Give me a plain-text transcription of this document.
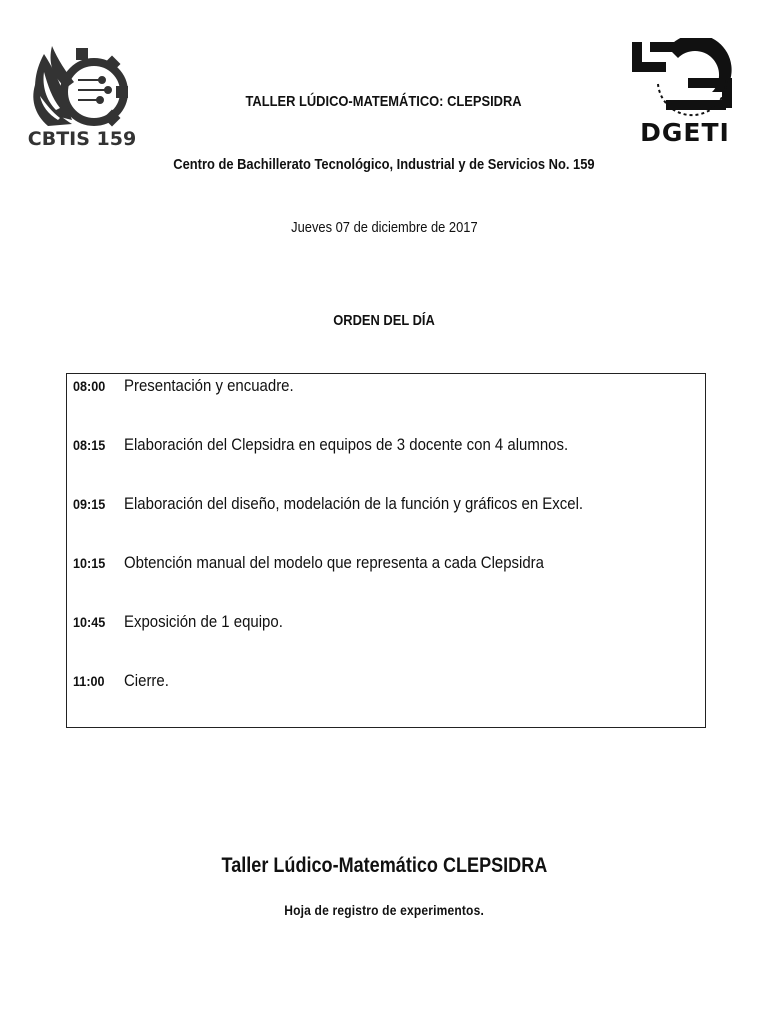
CBTIS 159	DGETI
TALLER LÚDICO-MATEMÁTICO: CLEPSIDRA
Centro de Bachillerato Tecnológico, Industrial y de Servicios No. 159
Jueves 07 de diciembre de 2017
ORDEN DEL DÍA
08:00 Presentación y encuadre.
08:15 Elaboración del Clepsidra en equipos de 3 docente con 4 alumnos.
09:15 Elaboración del diseño, modelación de la función y gráficos en Excel.
10:15 Obtención manual del modelo que representa a cada Clepsidra
10:45 Exposición de 1 equipo.
11:00 Cierre.
Taller Lúdico-Matemático CLEPSIDRA
Hoja de registro de experimentos.
